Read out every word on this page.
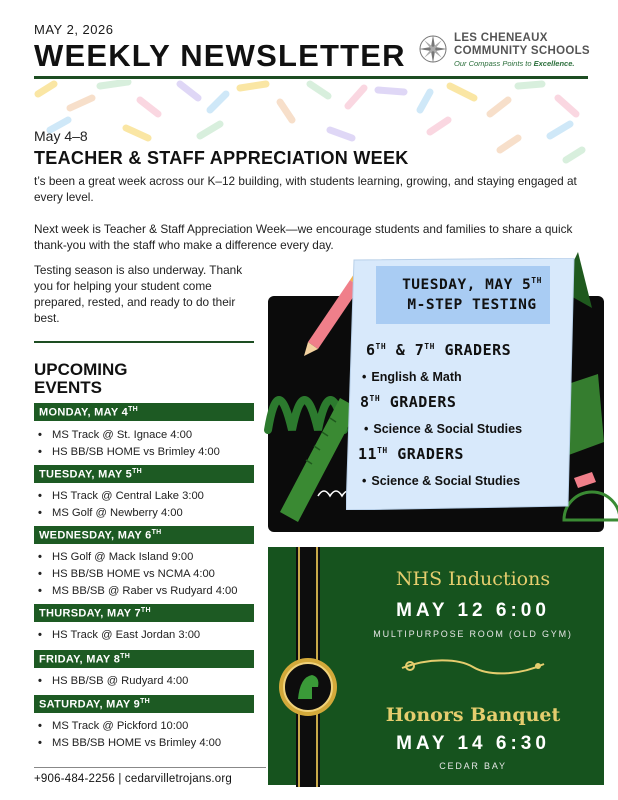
MAY 2, 2026
WEEKLY NEWSLETTER	LES CHENEAUX
COMMUNITY SCHOOLS
Our Compass Points to Excellence.
May 4–8
TEACHER & STAFF APPRECIATION WEEK
t’s been a great week across our K–12 building, with students learning, growing, and staying engaged at every level.
Next week is Teacher & Staff Appreciation Week—we encourage students and families to share a quick thank-you with the staff who make a difference every day.
Testing season is also underway. Thank you for helping your student come prepared, rested, and ready to do their best.
UPCOMING
EVENTS
MONDAY, MAY 4TH
• MS Track @ St. Ignace 4:00
• HS BB/SB HOME vs Brimley 4:00
TUESDAY, MAY 5TH
• HS Track @ Central Lake 3:00
• MS Golf @ Newberry 4:00
WEDNESDAY, MAY 6TH
• HS Golf @ Mack Island 9:00
• HS BB/SB HOME vs NCMA 4:00
• MS BB/SB @ Raber vs Rudyard 4:00
THURSDAY, MAY 7TH
• HS Track @ East Jordan 3:00
FRIDAY, MAY 8TH
• HS BB/SB @ Rudyard 4:00
SATURDAY, MAY 9TH
• MS Track @ Pickford 10:00
• MS BB/SB HOME vs Brimley 4:00
+906-484-2256 | cedarvilletrojans.org
TUESDAY, MAY 5TH
M-STEP TESTING
6TH & 7TH GRADERS
• English & Math
8TH GRADERS
• Science & Social Studies
11TH GRADERS
• Science & Social Studies
NHS Inductions
MAY 12 6:00
MULTIPURPOSE ROOM (OLD GYM)
Honors Banquet
MAY 14 6:30
CEDAR BAY
